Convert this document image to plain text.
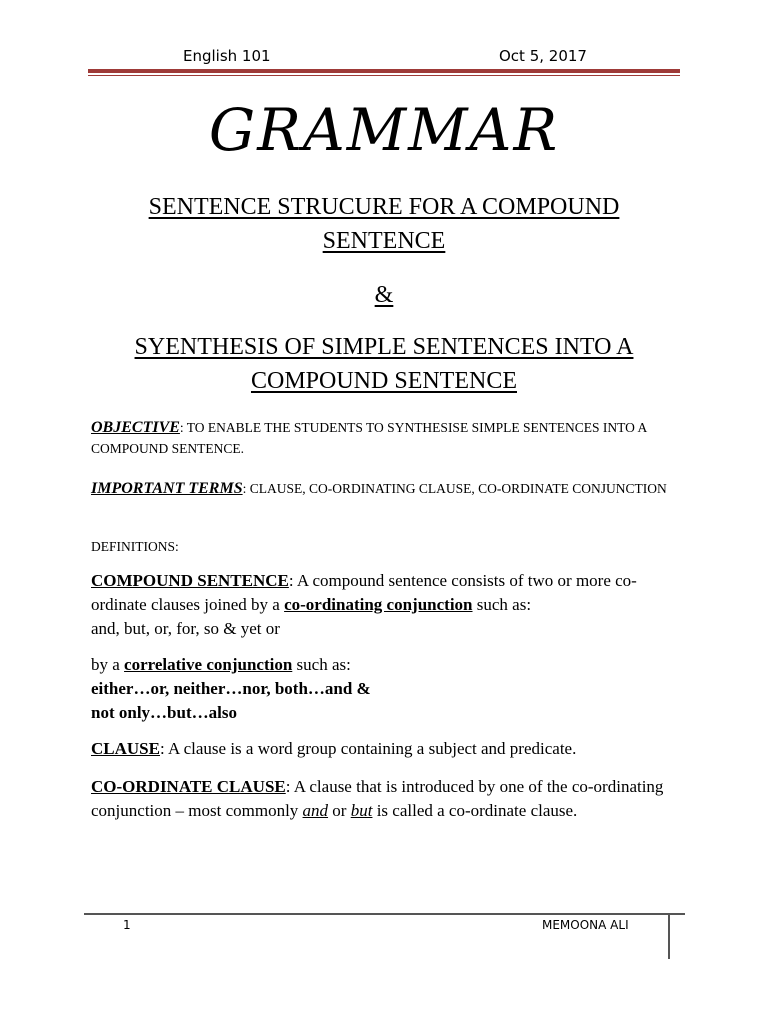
English 101	Oct 5, 2017
GRAMMAR
SENTENCE STRUCURE FOR A COMPOUND
SENTENCE
&
SYENTHESIS OF SIMPLE SENTENCES INTO A
COMPOUND SENTENCE
OBJECTIVE: TO ENABLE THE STUDENTS TO SYNTHESISE SIMPLE SENTENCES INTO A COMPOUND SENTENCE.
IMPORTANT TERMS: CLAUSE, CO-ORDINATING CLAUSE, CO-ORDINATE CONJUNCTION
DEFINITIONS:
COMPOUND SENTENCE: A compound sentence consists of two or more co-ordinate clauses joined by a co-ordinating conjunction such as:
and, but, or, for, so & yet or
by a correlative conjunction such as:
either…or, neither…nor, both…and &
not only…but…also
CLAUSE: A clause is a word group containing a subject and predicate.
CO-ORDINATE CLAUSE: A clause that is introduced by one of the co-ordinating conjunction – most commonly and or but is called a co-ordinate clause.
1	MEMOONA ALI
